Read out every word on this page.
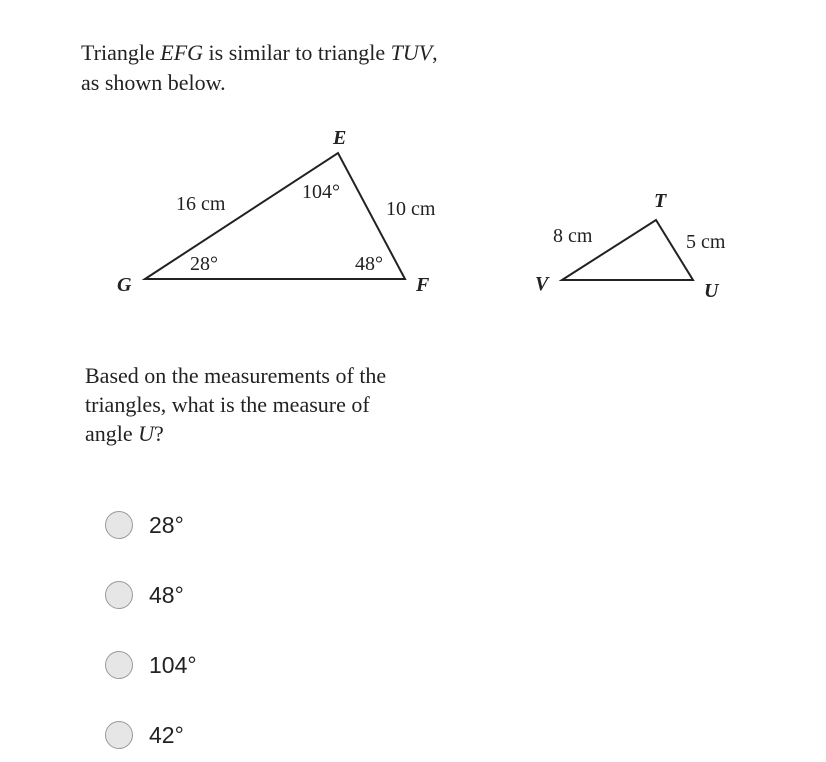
Triangle EFG is similar to triangle TUV,
as shown below.
E
G	F
16 cm	10 cm
104°
28°	48°
T
V	U
8 cm	5 cm
Based on the measurements of the
triangles, what is the measure of
angle U?
28°
48°
104°
42°
